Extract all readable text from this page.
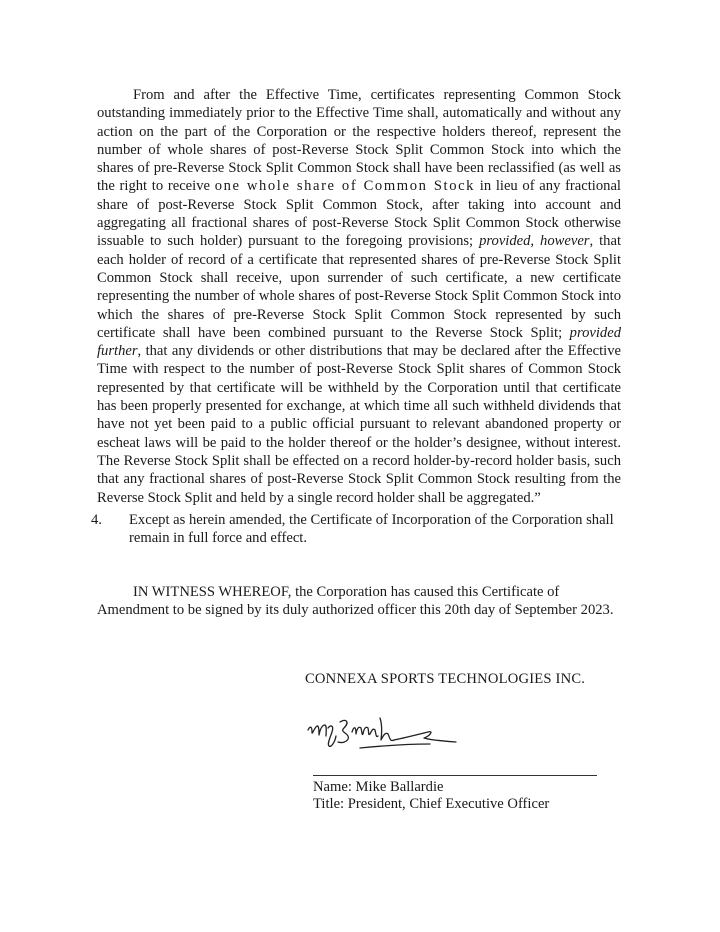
From and after the Effective Time, certificates representing Common Stock outstanding immediately prior to the Effective Time shall, automatically and without any action on the part of the Corporation or the respective holders thereof, represent the number of whole shares of post-Reverse Stock Split Common Stock into which the shares of pre-Reverse Stock Split Common Stock shall have been reclassified (as well as the right to receive one whole share of Common Stock in lieu of any fractional share of post-Reverse Stock Split Common Stock, after taking into account and aggregating all fractional shares of post-Reverse Stock Split Common Stock otherwise issuable to such holder) pursuant to the foregoing provisions; provided, however, that each holder of record of a certificate that represented shares of pre-Reverse Stock Split Common Stock shall receive, upon surrender of such certificate, a new certificate representing the number of whole shares of post-Reverse Stock Split Common Stock into which the shares of pre-Reverse Stock Split Common Stock represented by such certificate shall have been combined pursuant to the Reverse Stock Split; provided further, that any dividends or other distributions that may be declared after the Effective Time with respect to the number of post-Reverse Stock Split shares of Common Stock represented by that certificate will be withheld by the Corporation until that certificate has been properly presented for exchange, at which time all such withheld dividends that have not yet been paid to a public official pursuant to relevant abandoned property or escheat laws will be paid to the holder thereof or the holder’s designee, without interest. The Reverse Stock Split shall be effected on a record holder-by-record holder basis, such that any fractional shares of post-Reverse Stock Split Common Stock resulting from the Reverse Stock Split and held by a single record holder shall be aggregated.”

4. Except as herein amended, the Certificate of Incorporation of the Corporation shall remain in full force and effect.

IN WITNESS WHEREOF, the Corporation has caused this Certificate of Amendment to be signed by its duly authorized officer this 20th day of September 2023.

CONNEXA SPORTS TECHNOLOGIES INC.
Name: Mike Ballardie
Title: President, Chief Executive Officer
